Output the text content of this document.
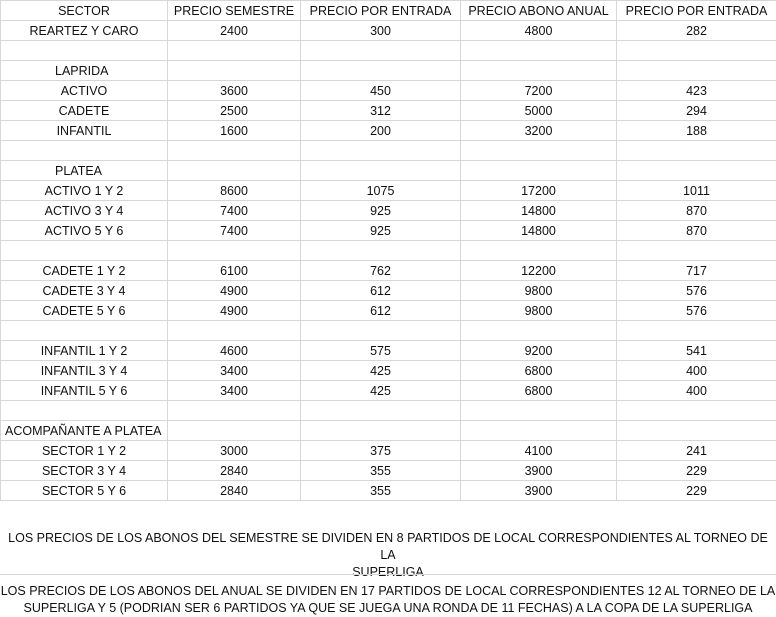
SECTOR	PRECIO SEMESTRE	PRECIO POR ENTRADA	PRECIO ABONO ANUAL	PRECIO POR ENTRADA
REARTEZ Y CARO	2400	300	4800	282

LAPRIDA				
ACTIVO	3600	450	7200	423
CADETE	2500	312	5000	294
INFANTIL	1600	200	3200	188

PLATEA				
ACTIVO 1 Y 2	8600	1075	17200	1011
ACTIVO 3 Y 4	7400	925	14800	870
ACTIVO 5 Y 6	7400	925	14800	870

CADETE 1 Y 2	6100	762	12200	717
CADETE 3 Y 4	4900	612	9800	576
CADETE 5 Y 6	4900	612	9800	576

INFANTIL 1 Y 2	4600	575	9200	541
INFANTIL 3 Y 4	3400	425	6800	400
INFANTIL 5 Y 6	3400	425	6800	400

ACOMPAÑANTE A PLATEA				
SECTOR 1 Y 2	3000	375	4100	241
SECTOR 3 Y 4	2840	355	3900	229
SECTOR 5 Y 6	2840	355	3900	229
LOS PRECIOS DE LOS ABONOS DEL SEMESTRE SE DIVIDEN EN 8 PARTIDOS DE LOCAL CORRESPONDIENTES AL TORNEO DE LA
SUPERLIGA
LOS PRECIOS DE LOS ABONOS DEL ANUAL SE DIVIDEN EN 17 PARTIDOS DE LOCAL CORRESPONDIENTES 12 AL TORNEO DE LA
SUPERLIGA Y 5 (PODRIAN SER 6 PARTIDOS YA QUE SE JUEGA UNA RONDA DE 11 FECHAS) A LA COPA DE LA SUPERLIGA
